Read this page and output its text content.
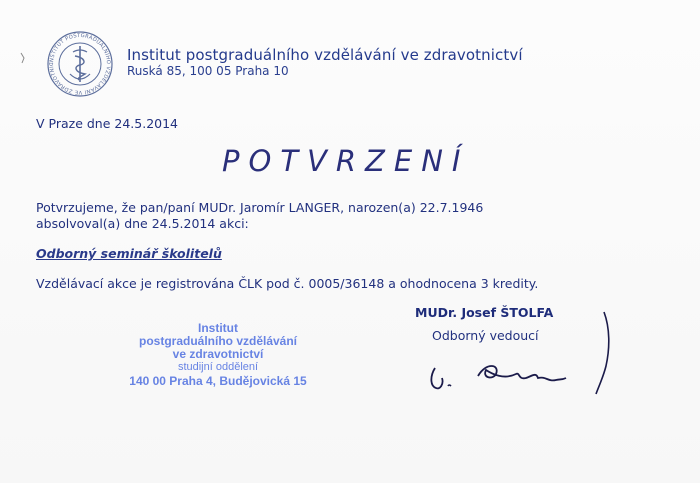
INSTITUT POSTGRADUÁLNÍHO VZDĚLÁVÁNÍ VE ZDRAVOTNIC
Institut postgraduálního vzdělávání ve zdravotnictví
Ruská 85, 100 05 Praha 10
V Praze dne 24.5.2014
POTVRZENÍ
Potvrzujeme, že pan/paní MUDr. Jaromír LANGER, narozen(a) 22.7.1946
absolvoval(a) dne 24.5.2014 akci:
Odborný seminář školitelů
Vzdělávací akce je registrována ČLK pod č. 0005/36148 a ohodnocena 3 kredity.
Institut
postgraduálního vzdělávání
ve zdravotnictví
studijní oddělení
140 00 Praha 4, Budějovická 15
MUDr. Josef ŠTOLFA
Odborný vedoucí
